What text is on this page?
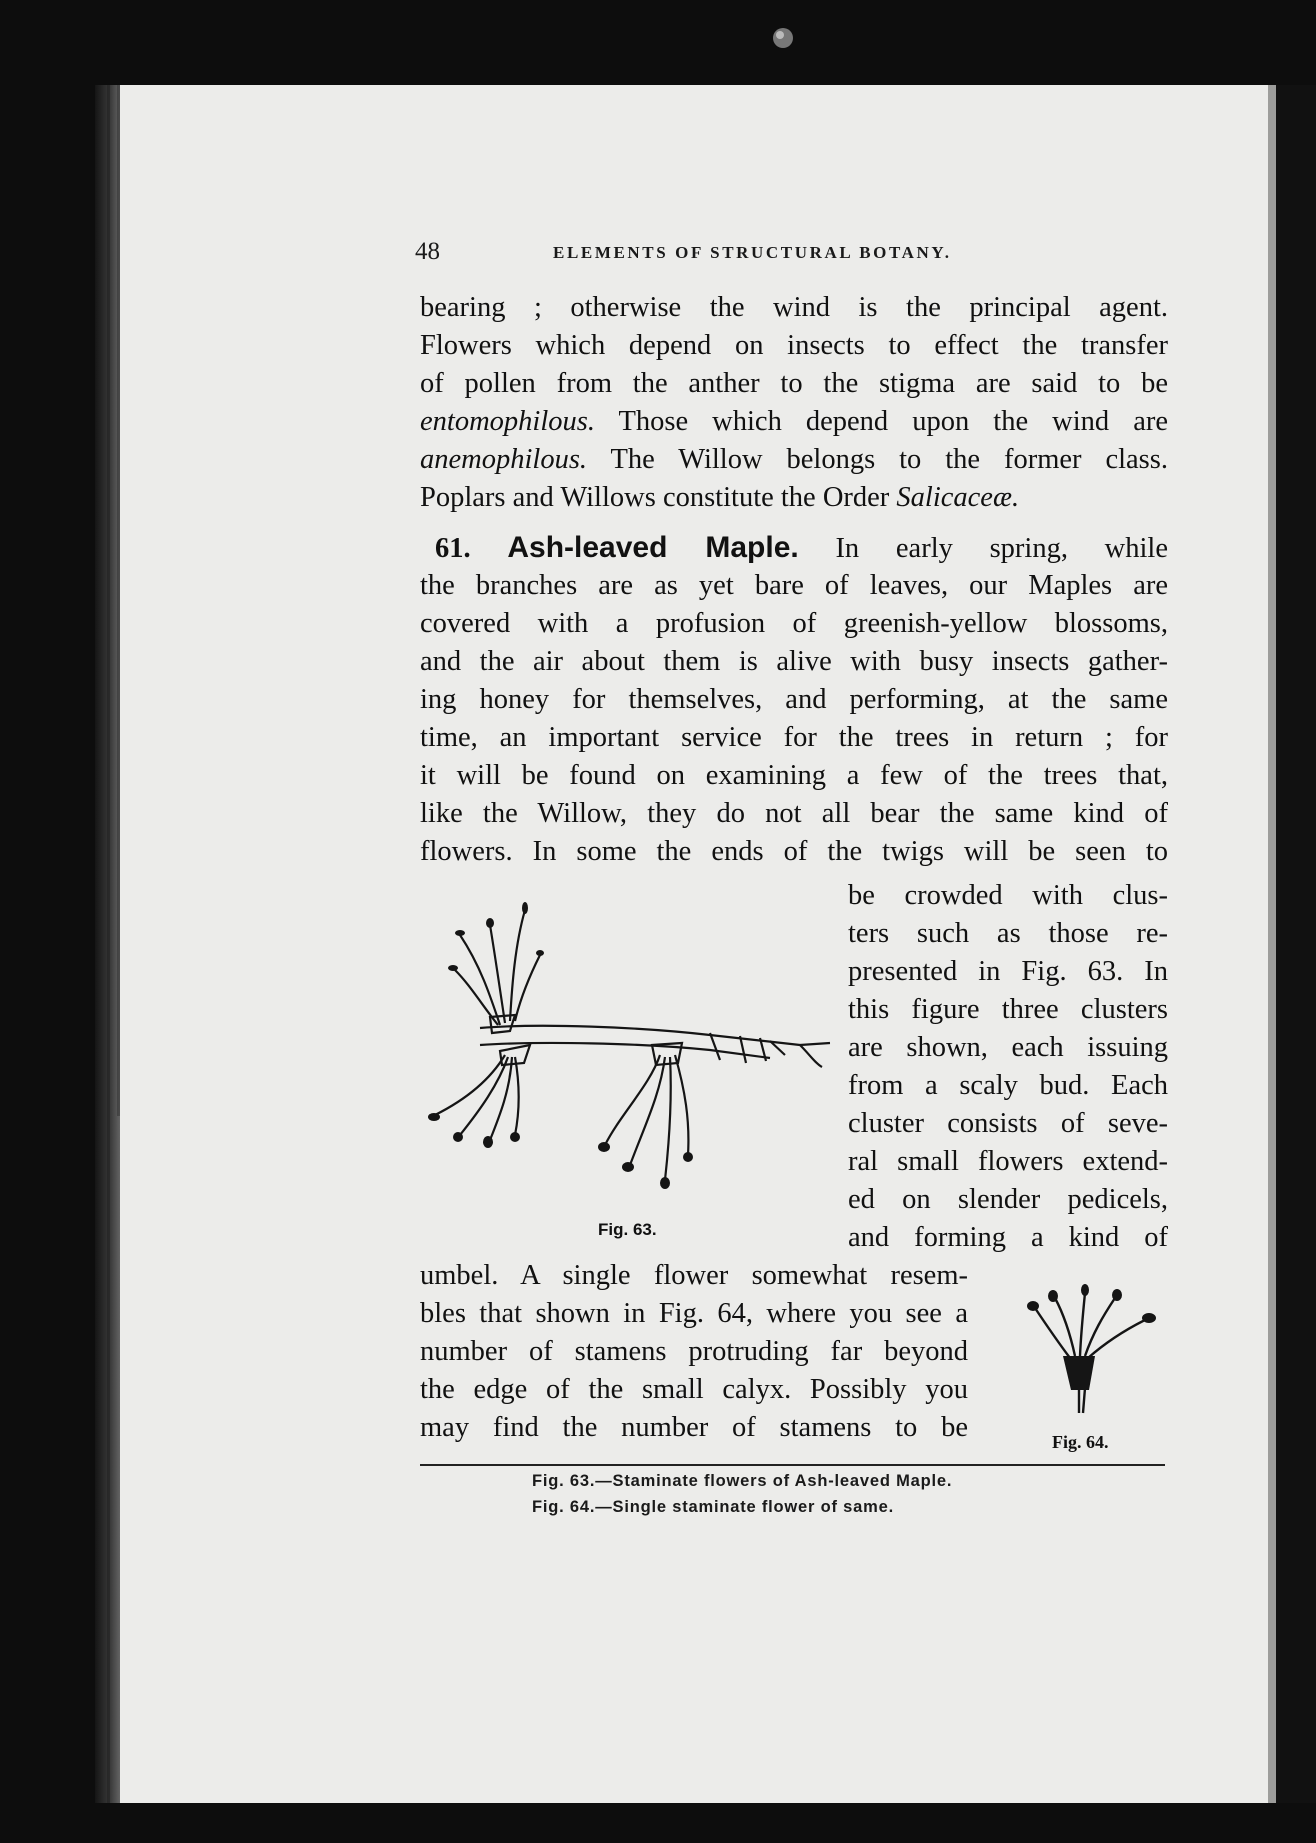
48	ELEMENTS OF STRUCTURAL BOTANY.
bearing ; otherwise the wind is the principal agent.
Flowers which depend on insects to effect the transfer
of pollen from the anther to the stigma are said to be
entomophilous. Those which depend upon the wind are
anemophilous. The Willow belongs to the former class.
Poplars and Willows constitute the Order Salicaceæ.
61. Ash-leaved Maple. In early spring, while
the branches are as yet bare of leaves, our Maples are
covered with a profusion of greenish-yellow blossoms,
and the air about them is alive with busy insects gather-
ing honey for themselves, and performing, at the same
time, an important service for the trees in return ; for
it will be found on examining a few of the trees that,
like the Willow, they do not all bear the same kind of
flowers. In some the ends of the twigs will be seen to
be crowded with clus-
ters such as those re-
presented in Fig. 63. In
this figure three clusters
are shown, each issuing
from a scaly bud. Each
cluster consists of seve-
ral small flowers extend-
ed on slender pedicels,
and forming a kind of
Fig. 63.
umbel. A single flower somewhat resem-
bles that shown in Fig. 64, where you see a
number of stamens protruding far beyond
the edge of the small calyx. Possibly you
may find the number of stamens to be	Fig. 64.
Fig. 63.—Staminate flowers of Ash-leaved Maple.
Fig. 64.—Single staminate flower of same.
